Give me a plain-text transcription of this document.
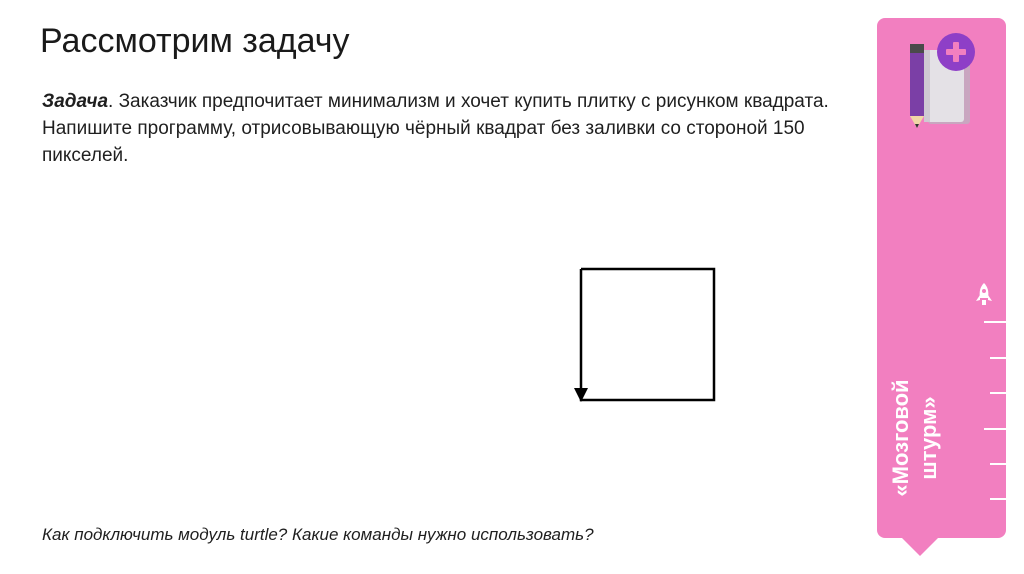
Рассмотрим задачу
Задача. Заказчик предпочитает минимализм и хочет купить плитку с рисунком квадрата. Напишите программу, отрисовывающую чёрный квадрат без заливки со стороной 150 пикселей.
Как подключить модуль turtle? Какие команды нужно использовать?
«Мозговой штурм»
